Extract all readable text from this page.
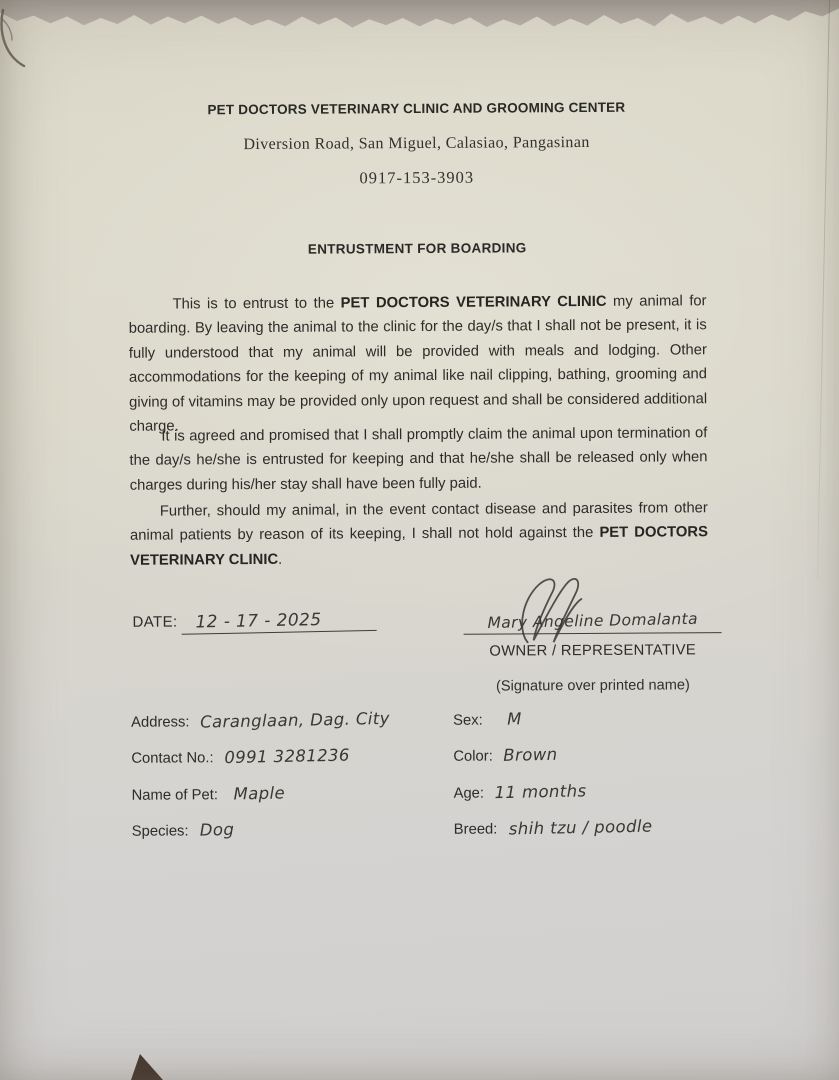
PET DOCTORS VETERINARY CLINIC AND GROOMING CENTER
Diversion Road, San Miguel, Calasiao, Pangasinan
0917-153-3903
ENTRUSTMENT FOR BOARDING

This is to entrust to the PET DOCTORS VETERINARY CLINIC my animal for boarding. By leaving the animal to the clinic for the day/s that I shall not be present, it is fully understood that my animal will be provided with meals and lodging. Other accommodations for the keeping of my animal like nail clipping, bathing, grooming and giving of vitamins may be provided only upon request and shall be considered additional charge.

It is agreed and promised that I shall promptly claim the animal upon termination of the day/s he/she is entrusted for keeping and that he/she shall be released only when charges during his/her stay shall have been fully paid.

Further, should my animal, in the event contact disease and parasites from other animal patients by reason of its keeping, I shall not hold against the PET DOCTORS VETERINARY CLINIC.

DATE: 12 - 17 - 2025	Mary Angeline Domalanta
OWNER / REPRESENTATIVE
(Signature over printed name)
Address: Caranglaan, Dag. City	Sex: M
Contact No.: 0991 3281236	Color: Brown
Name of Pet: Maple	Age: 11 months
Species: Dog	Breed: shih tzu / poodle
